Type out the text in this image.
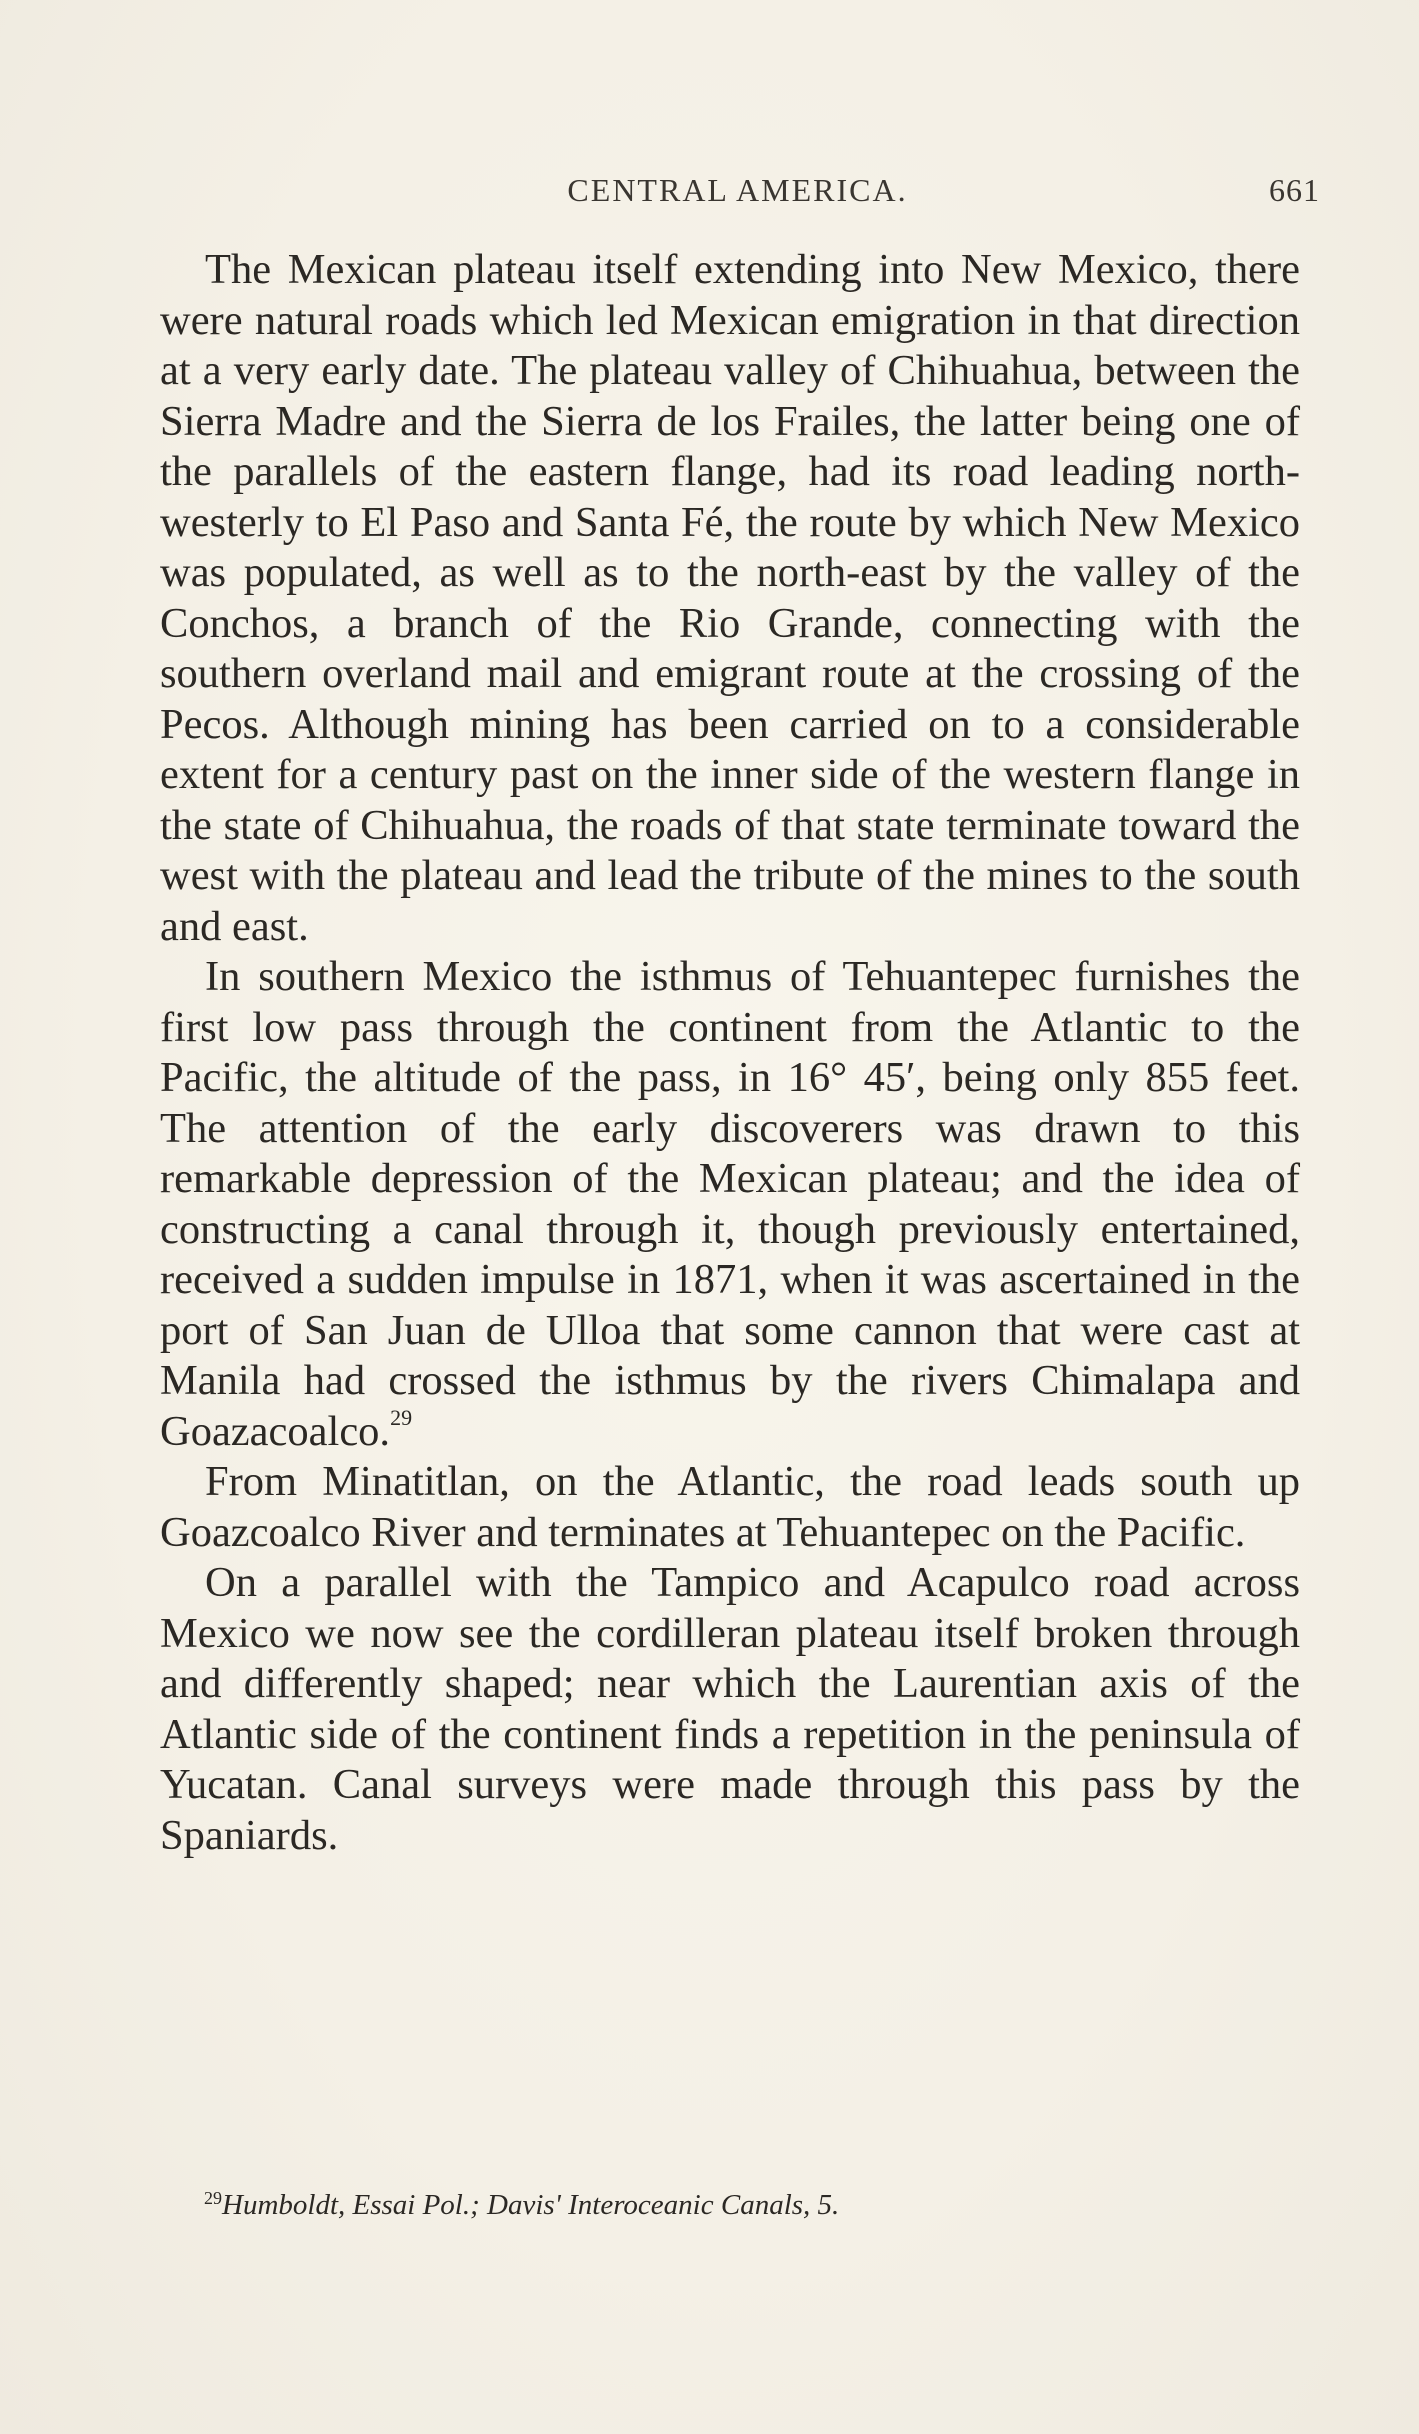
CENTRAL AMERICA.	661

The Mexican plateau itself extending into New Mexico, there were natural roads which led Mexican emigration in that direction at a very early date. The plateau valley of Chihuahua, between the Sierra Madre and the Sierra de los Frailes, the latter being one of the parallels of the eastern flange, had its road leading north-westerly to El Paso and Santa Fé, the route by which New Mexico was populated, as well as to the north-east by the valley of the Conchos, a branch of the Rio Grande, connecting with the southern overland mail and emigrant route at the crossing of the Pecos. Although mining has been carried on to a considerable extent for a century past on the inner side of the western flange in the state of Chihuahua, the roads of that state terminate toward the west with the plateau and lead the tribute of the mines to the south and east.

In southern Mexico the isthmus of Tehuantepec furnishes the first low pass through the continent from the Atlantic to the Pacific, the altitude of the pass, in 16° 45′, being only 855 feet. The attention of the early discoverers was drawn to this remarkable depression of the Mexican plateau; and the idea of constructing a canal through it, though previously entertained, received a sudden impulse in 1871, when it was ascertained in the port of San Juan de Ulloa that some cannon that were cast at Manila had crossed the isthmus by the rivers Chimalapa and Goazacoalco.$^{29}$

From Minatitlan, on the Atlantic, the road leads south up Goazcoalco River and terminates at Tehuantepec on the Pacific.

On a parallel with the Tampico and Acapulco road across Mexico we now see the cordilleran plateau itself broken through and differently shaped; near which the Laurentian axis of the Atlantic side of the continent finds a repetition in the peninsula of Yucatan. Canal surveys were made through this pass by the Spaniards.

$^{29}$Humboldt, Essai Pol.; Davis' Interoceanic Canals, 5.
